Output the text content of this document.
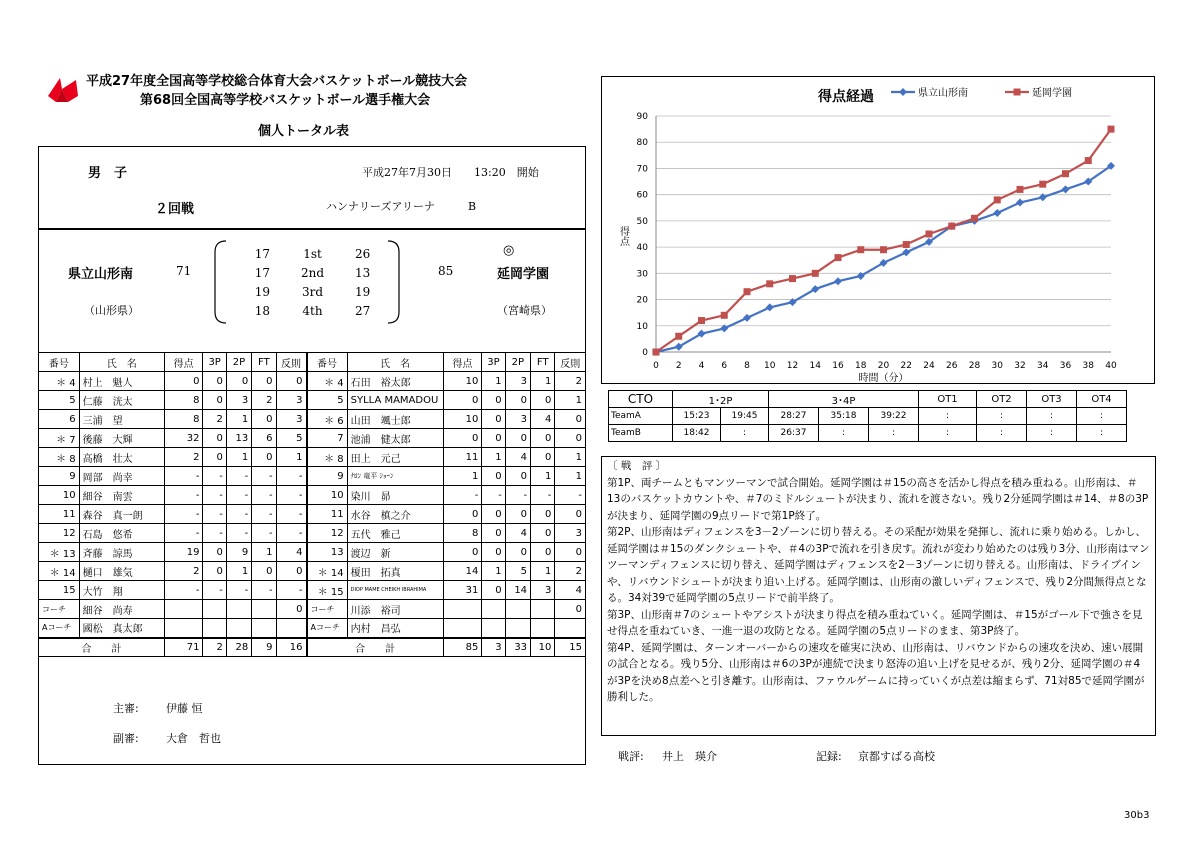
平成27年度全国高等学校総合体育大会バスケットボール競技大会
第68回全国高等学校バスケットボール選手権大会
個人トータル表
男　子	平成27年7月30日　　13:20　開始
２回戦	ハンナリーズアリーナ　　　B
県立山形南	71
（山形県）
◎
延岡学園
85
（宮崎県）
17	1st	26
17	2nd	13
19	3rd	19
18	4th	27
番号	氏　名	得点	3P	2P	FT	反則	番号	氏　名	得点	3P	2P	FT	反則
＊ 4	村上　魁人	0	0	0	0	0	＊ 4	石田　裕太郎	10	1	3	1	2
5	仁藤　洸太	8	0	3	2	3	5	SYLLA MAMADOU	0	0	0	0	1
6	三浦　望	8	2	1	0	3	＊ 6	山田　颯士郎	10	0	3	4	0
＊ 7	後藤　大輝	32	0	13	6	5	7	池浦　健太郎	0	0	0	0	0
＊ 8	高橋　壮太	2	0	1	0	1	＊ 8	田上　元己	11	1	4	0	1
9	岡部　尚幸	-	-	-	-	-	9	ﾅﾛﾝ 竜平 ｼｮｰﾝ	1	0	0	1	1
10	細谷　南雲	-	-	-	-	-	10	染川　昴	-	-	-	-	-
11	森谷　真一朗	-	-	-	-	-	11	水谷　槙之介	0	0	0	0	0
12	石島　悠希	-	-	-	-	-	12	五代　雅己	8	0	4	0	3
＊ 13	斉藤　諒馬	19	0	9	1	4	13	渡辺　新	0	0	0	0	0
＊ 14	樋口　雄気	2	0	1	0	0	＊ 14	榎田　拓真	14	1	5	1	2
15	大竹　翔	-	-	-	-	-	＊ 15	DIOP MAME CHEIKH IBRAHIMA	31	0	14	3	4
コーチ	細谷　尚寿					0	コーチ	川添　裕司					0
Aコーチ	國松　真太郎						Aコーチ	内村　昌弘					
合　　計		71	2	28	9	16	合　　計		85	3	33	10	15
主審: 伊藤 恒
副審: 大倉　哲也
得点経過
0
10
20
30
40
50
60
70
80
90
0 2 4 6 8 10 12 14 16 18 20 22 24 26 28 30 32 34 36 38 40
時間（分）
得点
県立山形南	延岡学園
CTO	1･2P		3･4P			OT1	OT2	OT3	OT4
TeamA	15:23	19:45	28:27	35:18	39:22	:	:	:	:
TeamB	18:42	:	26:37	:	:	:	:	:	:
〔 戦　評 〕

第1P、両チームともマンツーマンで試合開始。延岡学園は＃15の高さを活かし得点を積み重ねる。山形南は、＃13のバスケットカウントや、＃7のミドルシュートが決まり、流れを渡さない。残り2分延岡学園は＃14、＃8の3Pが決まり、延岡学園の9点リードで第1P終了。

第2P、山形南はディフェンスを3－2ゾーンに切り替える。その采配が効果を発揮し、流れに乗り始める。しかし、延岡学園は＃15のダンクシュートや、＃4の3Pで流れを引き戻す。流れが変わり始めたのは残り3分、山形南はマンツーマンディフェンスに切り替え、延岡学園はディフェンスを2－3ゾーンに切り替える。山形南は、ドライブインや、リバウンドシュートが決まり追い上げる。延岡学園は、山形南の激しいディフェンスで、残り2分間無得点となる。34対39で延岡学園の5点リードで前半終了。

第3P、山形南＃7のシュートやアシストが決まり得点を積み重ねていく。延岡学園は、＃15がゴール下で強さを見せ得点を重ねていき、一進一退の攻防となる。延岡学園の5点リードのまま、第3P終了。

第4P、延岡学園は、ターンオーバーからの速攻を確実に決め、山形南は、リバウンドからの速攻を決め、速い展開の試合となる。残り5分、山形南は＃6の3Pが連続で決まり怒涛の追い上げを見せるが、残り2分、延岡学園の＃4が3Pを決め8点差へと引き離す。山形南は、ファウルゲームに持っていくが点差は縮まらず、71対85で延岡学園が勝利した。

戦評: 井上　瑛介	記録: 京都すばる高校
30b3
